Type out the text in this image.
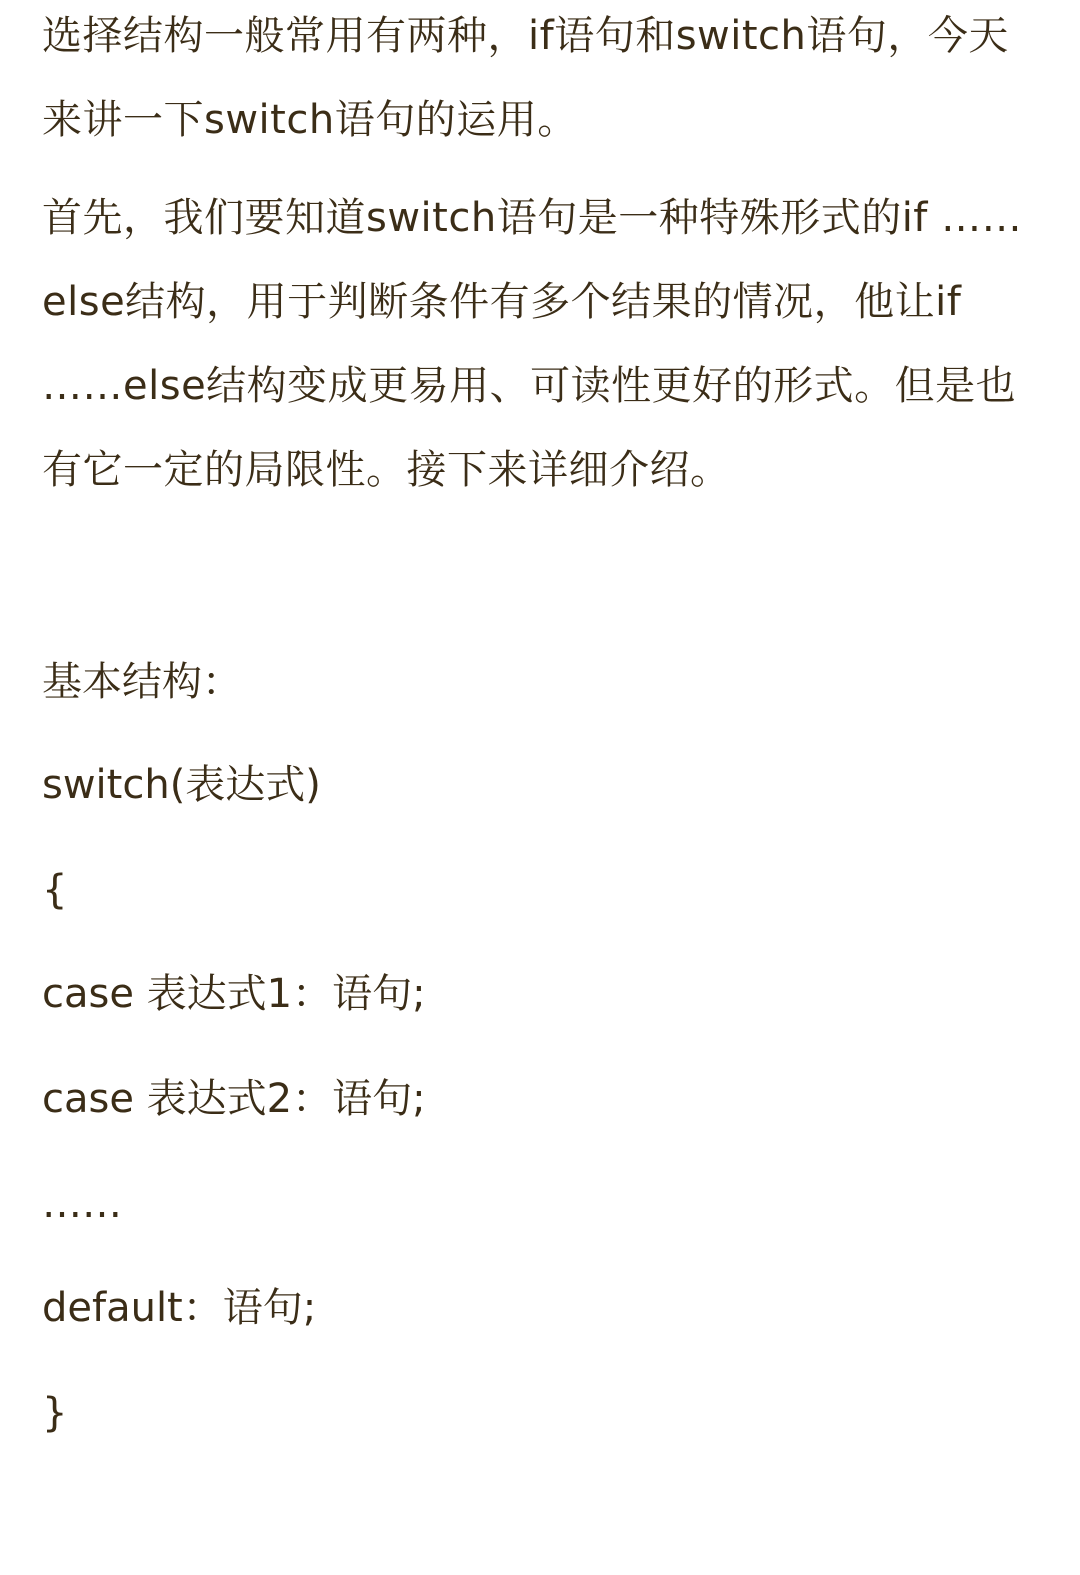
选择结构一般常用有两种，if语句和switch语句，今天来讲一下switch语句的运用。

首先，我们要知道switch语句是一种特殊形式的if ……else结构，用于判断条件有多个结果的情况，他让if ……else结构变成更易用、可读性更好的形式。但是也有它一定的局限性。接下来详细介绍。

基本结构：

switch(表达式)

{

case 表达式1：语句;

case 表达式2：语句;

……

default：语句;

}
